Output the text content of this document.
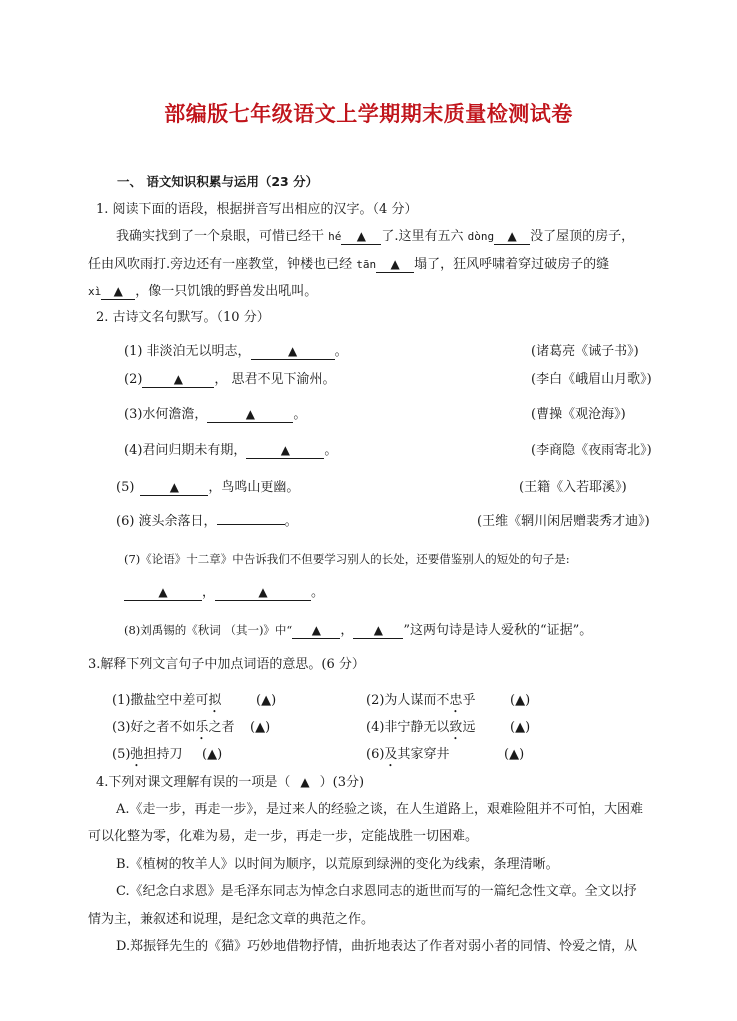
部编版七年级语文上学期期末质量检测试卷
一、 语文知识积累与运用（23 分）
1. 阅读下面的语段，根据拼音写出相应的汉字。（4 分）
我确实找到了一个泉眼，可惜已经干 hé ▲ 了.这里有五六 dòng ▲ 没了屋顶的房子，
任由风吹雨打.旁边还有一座教堂，钟楼也已经 tān ▲ 塌了，狂风呼啸着穿过破房子的缝
xì ▲ ，像一只饥饿的野兽发出吼叫。
2. 古诗文名句默写。（10 分）
(1) 非淡泊无以明志，	▲	。	(诸葛亮《诫子书》)
(2)	▲ ， 思君不见下渝州。	(李白《峨眉山月歌》)
(3)水何澹澹，	▲	。	(曹操《观沧海》)
(4)君问归期未有期，	▲	。	(李商隐《夜雨寄北》)
(5)	▲ ，鸟鸣山更幽。	(王籍《入若耶溪》)
(6) 渡头余落日，	。	(王维《辋川闲居赠裴秀才迪》)
(7)《论语》十二章》中告诉我们不但要学习别人的长处，还要借鉴别人的短处的句子是:
▲	，	▲	。
(8)刘禹锡的《秋词 （其一)》中“ ▲ ， ▲ ”这两句诗是诗人爱秋的“证据”。
3.解释下列文言句子中加点词语的意思。(6 分）
(1)撒盐空中差可拟	(▲)	(2)为人谋而不忠乎	(▲)
(3)好之者不如乐之者 (▲)	(4)非宁静无以致远	(▲)
(5)弛担持刀 (▲)	(6)及其家穿井	(▲)
4.下列对课文理解有误的一项是（ ▲ ）(3分)
A.《走一步，再走一步》，是过来人的经验之谈，在人生道路上，艰难险阻并不可怕，大困难
可以化整为零，化难为易，走一步，再走一步，定能战胜一切困难。
B.《植树的牧羊人》以时间为顺序，以荒原到绿洲的变化为线索，条理清晰。
C.《纪念白求恩》是毛泽东同志为悼念白求恩同志的逝世而写的一篇纪念性文章。全文以抒
情为主，兼叙述和说理，是纪念文章的典范之作。
D.郑振铎先生的《猫》巧妙地借物抒情，曲折地表达了作者对弱小者的同情、怜爱之情，从
